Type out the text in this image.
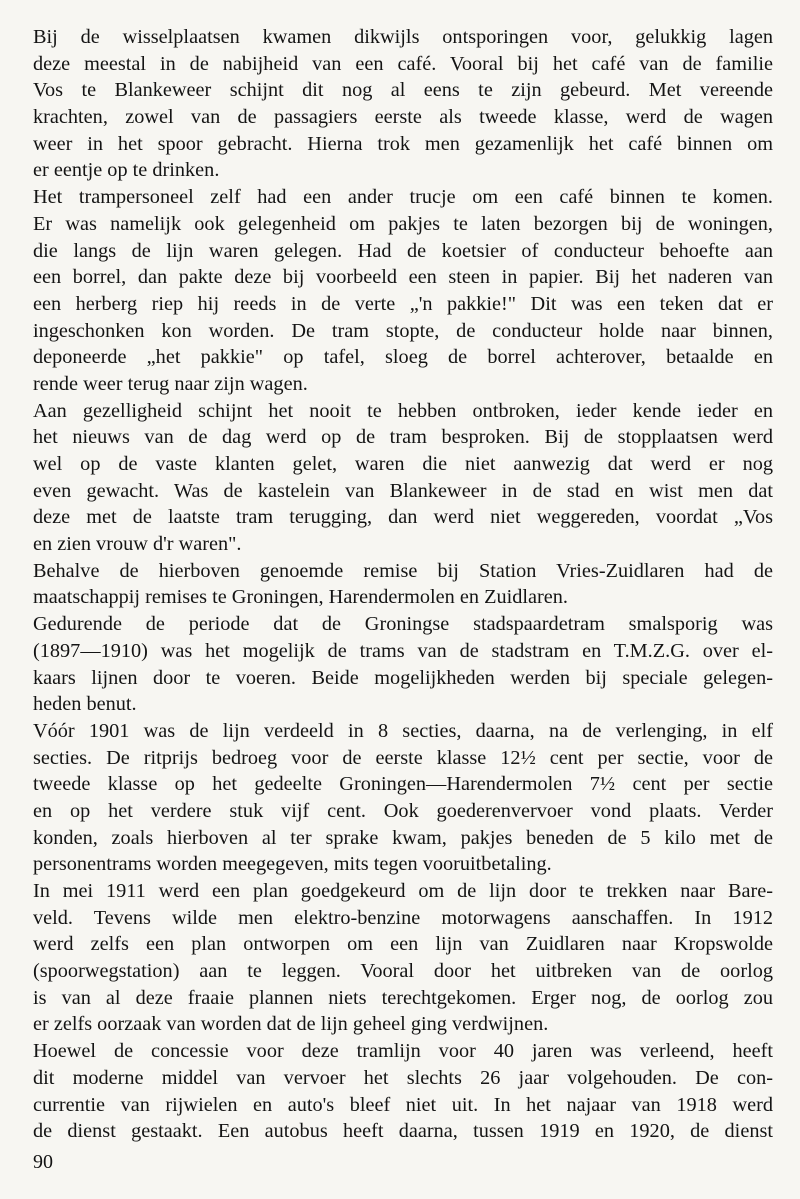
Bij de wisselplaatsen kwamen dikwijls ontsporingen voor, gelukkig lagen
deze meestal in de nabijheid van een café. Vooral bij het café van de familie
Vos te Blankeweer schijnt dit nog al eens te zijn gebeurd. Met vereende
krachten, zowel van de passagiers eerste als tweede klasse, werd de wagen
weer in het spoor gebracht. Hierna trok men gezamenlijk het café binnen om
er eentje op te drinken.
Het trampersoneel zelf had een ander trucje om een café binnen te komen.
Er was namelijk ook gelegenheid om pakjes te laten bezorgen bij de woningen,
die langs de lijn waren gelegen. Had de koetsier of conducteur behoefte aan
een borrel, dan pakte deze bij voorbeeld een steen in papier. Bij het naderen van
een herberg riep hij reeds in de verte „'n pakkie!" Dit was een teken dat er
ingeschonken kon worden. De tram stopte, de conducteur holde naar binnen,
deponeerde „het pakkie" op tafel, sloeg de borrel achterover, betaalde en
rende weer terug naar zijn wagen.
Aan gezelligheid schijnt het nooit te hebben ontbroken, ieder kende ieder en
het nieuws van de dag werd op de tram besproken. Bij de stopplaatsen werd
wel op de vaste klanten gelet, waren die niet aanwezig dat werd er nog
even gewacht. Was de kastelein van Blankeweer in de stad en wist men dat
deze met de laatste tram terugging, dan werd niet weggereden, voordat „Vos
en zien vrouw d'r waren".
Behalve de hierboven genoemde remise bij Station Vries-Zuidlaren had de
maatschappij remises te Groningen, Harendermolen en Zuidlaren.
Gedurende de periode dat de Groningse stadspaardetram smalsporig was
(1897—1910) was het mogelijk de trams van de stadstram en T.M.Z.G. over el-
kaars lijnen door te voeren. Beide mogelijkheden werden bij speciale gelegen-
heden benut.
Vóór 1901 was de lijn verdeeld in 8 secties, daarna, na de verlenging, in elf
secties. De ritprijs bedroeg voor de eerste klasse 12½ cent per sectie, voor de
tweede klasse op het gedeelte Groningen—Harendermolen 7½ cent per sectie
en op het verdere stuk vijf cent. Ook goederenvervoer vond plaats. Verder
konden, zoals hierboven al ter sprake kwam, pakjes beneden de 5 kilo met de
personentrams worden meegegeven, mits tegen vooruitbetaling.
In mei 1911 werd een plan goedgekeurd om de lijn door te trekken naar Bare-
veld. Tevens wilde men elektro-benzine motorwagens aanschaffen. In 1912
werd zelfs een plan ontworpen om een lijn van Zuidlaren naar Kropswolde
(spoorwegstation) aan te leggen. Vooral door het uitbreken van de oorlog
is van al deze fraaie plannen niets terechtgekomen. Erger nog, de oorlog zou
er zelfs oorzaak van worden dat de lijn geheel ging verdwijnen.
Hoewel de concessie voor deze tramlijn voor 40 jaren was verleend, heeft
dit moderne middel van vervoer het slechts 26 jaar volgehouden. De con-
currentie van rijwielen en auto's bleef niet uit. In het najaar van 1918 werd
de dienst gestaakt. Een autobus heeft daarna, tussen 1919 en 1920, de dienst
90
